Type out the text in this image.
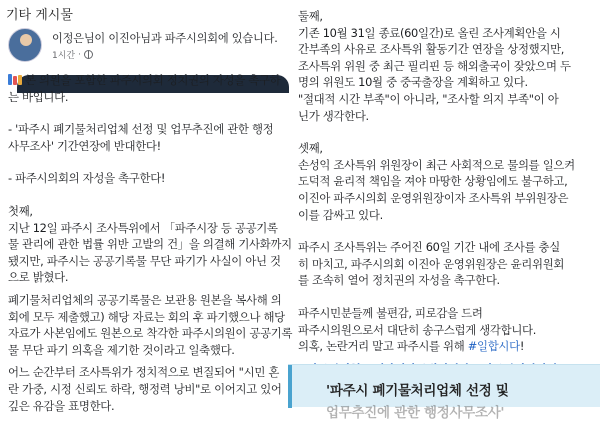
기타 게시물
이정은님이 이진아님과 파주시의회에 있습니다.
1시간 ·
본 의원을 포함한 파주시의회 정치권의 자성을 촉구하
는 바입니다.
- '파주시 폐기물처리업체 선정 및 업무추진에 관한 행정
사무조사' 기간연장에 반대한다!
- 파주시의회의 자성을 촉구한다!
첫째,
지난 12일 파주시 조사특위에서 「파주시장 등 공공기록
물 관리에 관한 법률 위반 고발의 건」을 의결해 기사화까지
됐지만, 파주시는 공공기록물 무단 파기가 사실이 아닌 것
으로 밝혔다.
폐기물처리업체의 공공기록물은 보관용 원본을 복사해 의
회에 모두 제출했고) 해당 자료는 회의 후 파기했으나 해당
자료가 사본임에도 원본으로 착각한 파주시의원이 공공기록
물 무단 파기 의혹을 제기한 것이라고 일축했다.
어느 순간부터 조사특위가 정치적으로 변질되어 "시민 혼
란 가중, 시정 신뢰도 하락, 행정력 낭비"로 이어지고 있어
깊은 유감을 표명한다.
둘째,
기존 10월 31일 종료(60일간)로 올린 조사계획안을 시
간부족의 사유로 조사특위 활동기간 연장을 상정했지만,
조사특위 위원 중 최근 필리핀 등 해외출국이 잦았으며 두
명의 위원도 10월 중 중국출장을 계획하고 있다.
"절대적 시간 부족"이 아니라, "조사할 의지 부족"이 아
닌가 생각한다.
셋째,
손성익 조사특위 위원장이 최근 사회적으로 물의를 일으켜
도덕적 윤리적 책임을 져야 마땅한 상황임에도 불구하고,
이진아 파주시의회 운영위원장이자 조사특위 부위원장은
이를 감싸고 있다.
파주시 조사특위는 주어진 60일 기간 내에 조사를 충실
히 마치고, 파주시의회 이진아 운영위원장은 윤리위원회
를 조속히 열어 정치권의 자성을 촉구한다.
파주시민분들께 불편감, 피로감을 드려
파주시의원으로서 대단히 송구스럽게 생각합니다.
의혹, 논란거리 말고 파주시를 위해 #일합시다!
'파주시 폐기물처리업체 선정 및
업무추진에 관한 행정사무조사'
